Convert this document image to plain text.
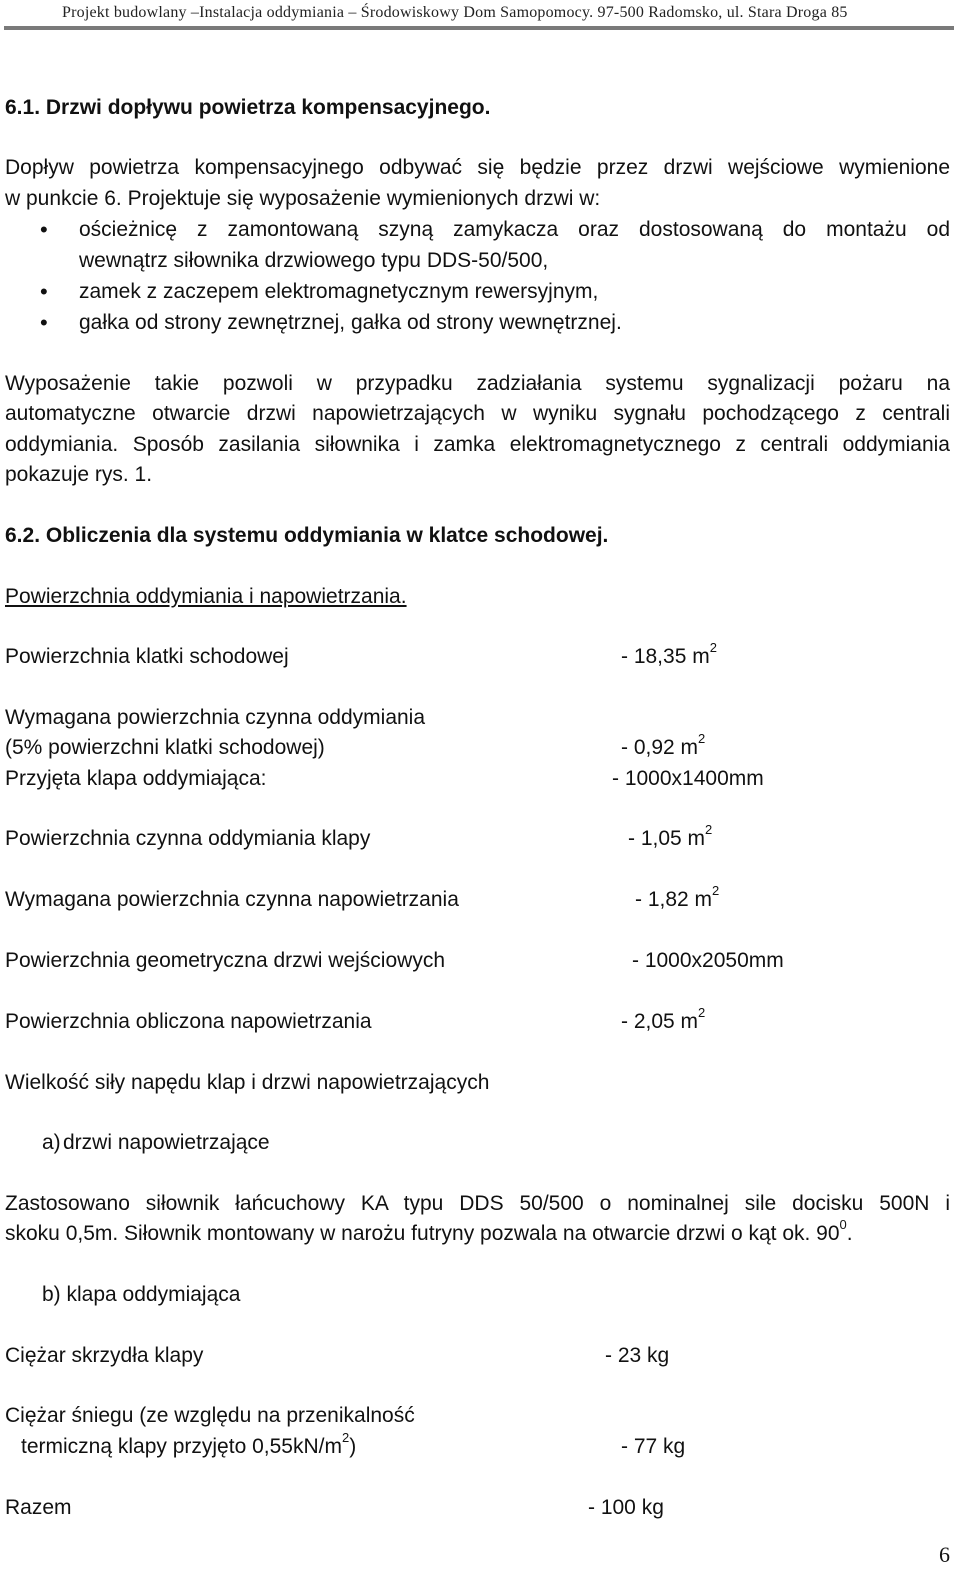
Projekt budowlany –Instalacja oddymiania – Środowiskowy Dom Samopomocy. 97-500 Radomsko, ul. Stara Droga 85
6.1. Drzwi dopływu powietrza kompensacyjnego.
Dopływ powietrza kompensacyjnego odbywać się będzie przez drzwi wejściowe wymienione
w punkcie 6. Projektuje się wyposażenie wymienionych drzwi w:
• ościeżnicę z zamontowaną szyną zamykacza oraz dostosowaną do montażu od
wewnątrz siłownika drzwiowego typu DDS-50/500,
• zamek z zaczepem elektromagnetycznym rewersyjnym,
• gałka od strony zewnętrznej, gałka od strony wewnętrznej.
Wyposażenie takie pozwoli w przypadku zadziałania systemu sygnalizacji pożaru na
automatyczne otwarcie drzwi napowietrzających w wyniku sygnału pochodzącego z centrali
oddymiania. Sposób zasilania siłownika i zamka elektromagnetycznego z centrali oddymiania
pokazuje rys. 1.
6.2. Obliczenia dla systemu oddymiania w klatce schodowej.
Powierzchnia oddymiania i napowietrzania.
Powierzchnia klatki schodowej	- 18,35 $m^2$
Wymagana powierzchnia czynna oddymiania
(5% powierzchni klatki schodowej)	- 0,92 $m^2$
Przyjęta klapa oddymiająca:	- 1000x1400mm
Powierzchnia czynna oddymiania klapy	- 1,05 $m^2$
Wymagana powierzchnia czynna napowietrzania	- 1,82 $m^2$
Powierzchnia geometryczna drzwi wejściowych	- 1000x2050mm
Powierzchnia obliczona napowietrzania	- 2,05 $m^2$
Wielkość siły napędu klap i drzwi napowietrzających
a) drzwi napowietrzające
Zastosowano siłownik łańcuchowy KA typu DDS 50/500 o nominalnej sile docisku 500N i
skoku 0,5m. Siłownik montowany w narożu futryny pozwala na otwarcie drzwi o kąt ok. $90^0$.
b) klapa oddymiająca
Ciężar skrzydła klapy	- 23 kg
Ciężar śniegu (ze względu na przenikalność
termiczną klapy przyjęto $0,55kN/m^2$)	- 77 kg
Razem	- 100 kg
6
